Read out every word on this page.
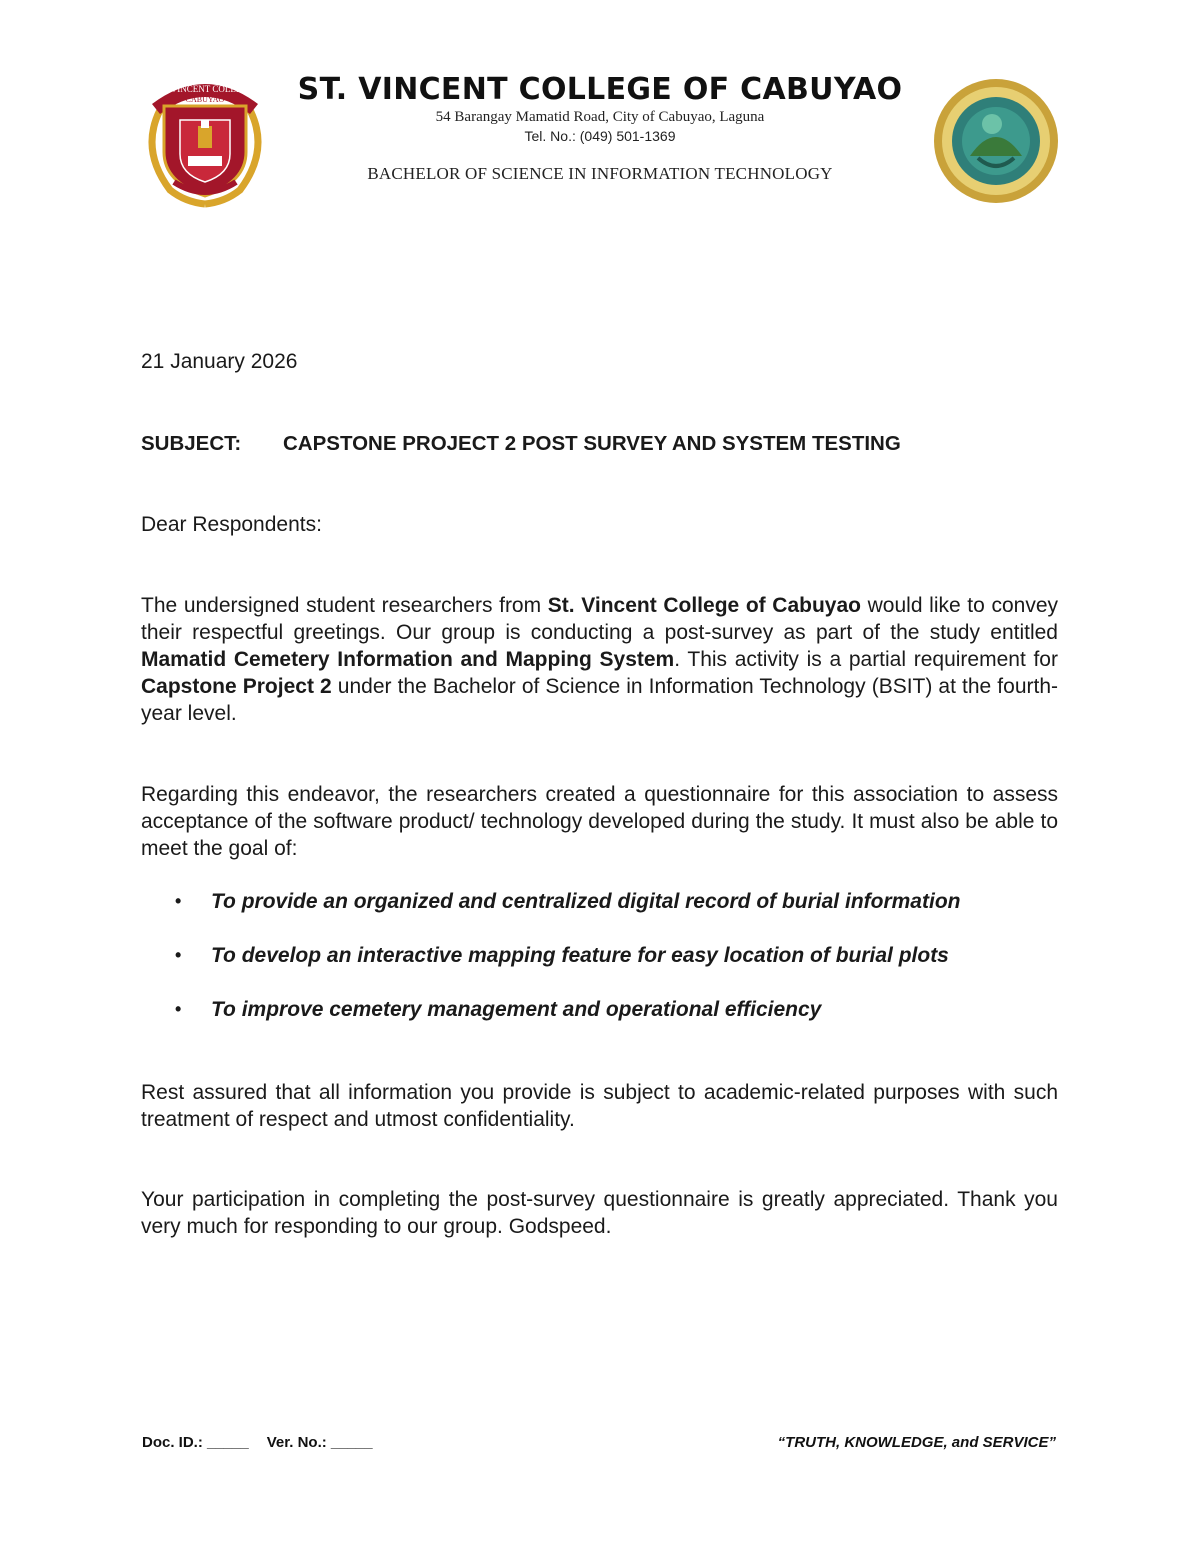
ST. VINCENT COLLEGE
CABUYAO	ST. VINCENT COLLEGE OF CABUYAO
54 Barangay Mamatid Road, City of Cabuyao, Laguna
Tel. No.: (049) 501-1369
BACHELOR OF SCIENCE IN INFORMATION TECHNOLOGY
21 January 2026
SUBJECT: CAPSTONE PROJECT 2 POST SURVEY AND SYSTEM TESTING
Dear Respondents:
The undersigned student researchers from St. Vincent College of Cabuyao would like to convey their respectful greetings. Our group is conducting a post-survey as part of the study entitled Mamatid Cemetery Information and Mapping System. This activity is a partial requirement for Capstone Project 2 under the Bachelor of Science in Information Technology (BSIT) at the fourth-year level.
Regarding this endeavor, the researchers created a questionnaire for this association to assess acceptance of the software product/ technology developed during the study. It must also be able to meet the goal of:
• To provide an organized and centralized digital record of burial information
• To develop an interactive mapping feature for easy location of burial plots
• To improve cemetery management and operational efficiency
Rest assured that all information you provide is subject to academic-related purposes with such treatment of respect and utmost confidentiality.
Your participation in completing the post-survey questionnaire is greatly appreciated. Thank you very much for responding to our group. Godspeed.
Doc. ID.: _____ Ver. No.: _____	“TRUTH, KNOWLEDGE, and SERVICE”
